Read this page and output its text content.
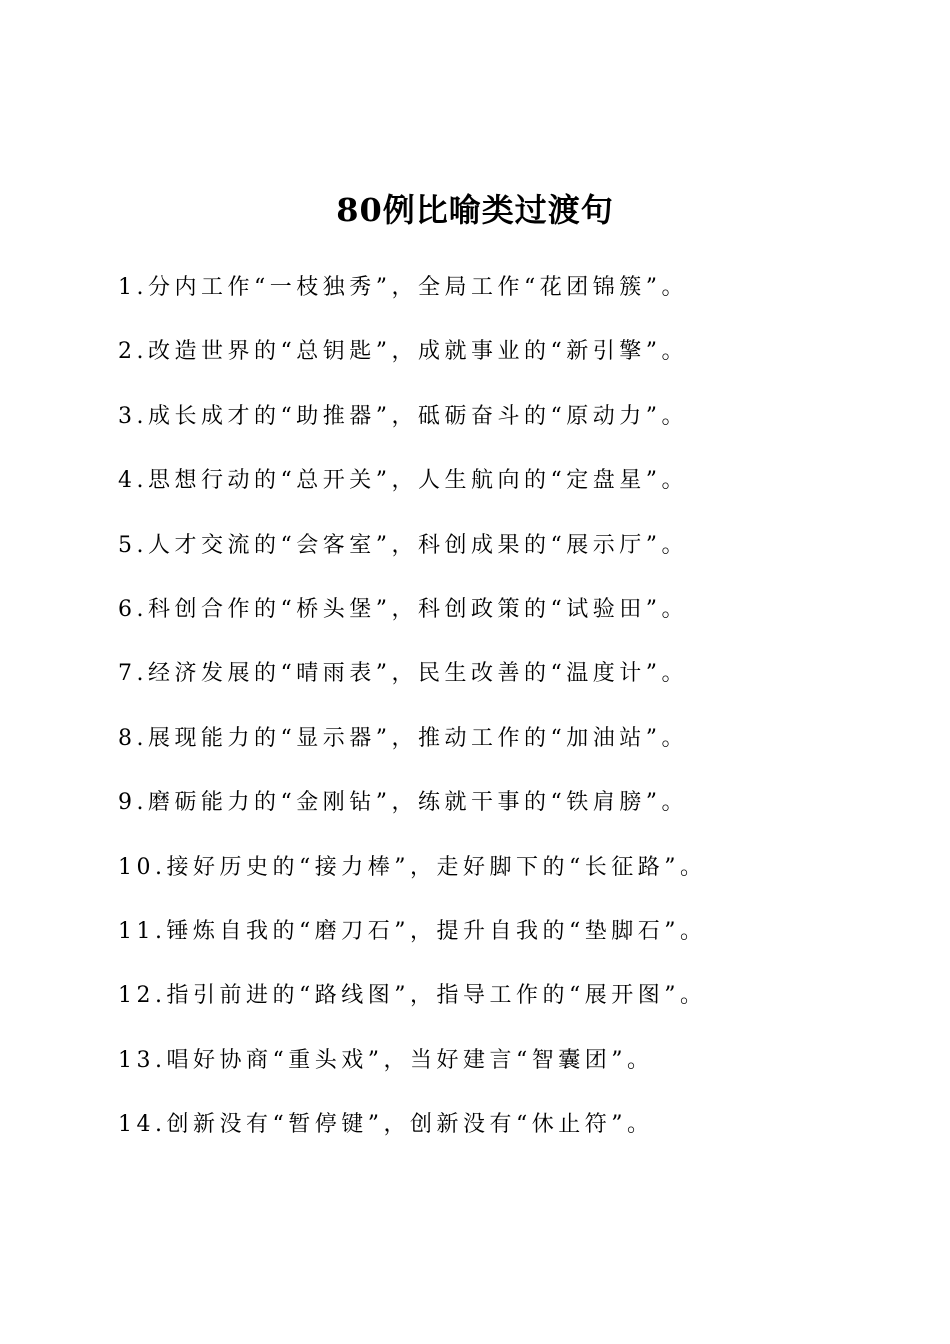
80例比喻类过渡句
1.分内工作“一枝独秀”，全局工作“花团锦簇”。
2.改造世界的“总钥匙”，成就事业的“新引擎”。
3.成长成才的“助推器”，砥砺奋斗的“原动力”。
4.思想行动的“总开关”，人生航向的“定盘星”。
5.人才交流的“会客室”，科创成果的“展示厅”。
6.科创合作的“桥头堡”，科创政策的“试验田”。
7.经济发展的“晴雨表”，民生改善的“温度计”。
8.展现能力的“显示器”，推动工作的“加油站”。
9.磨砺能力的“金刚钻”，练就干事的“铁肩膀”。
10.接好历史的“接力棒”，走好脚下的“长征路”。
11.锤炼自我的“磨刀石”，提升自我的“垫脚石”。
12.指引前进的“路线图”，指导工作的“展开图”。
13.唱好协商“重头戏”，当好建言“智囊团”。
14.创新没有“暂停键”，创新没有“休止符”。
